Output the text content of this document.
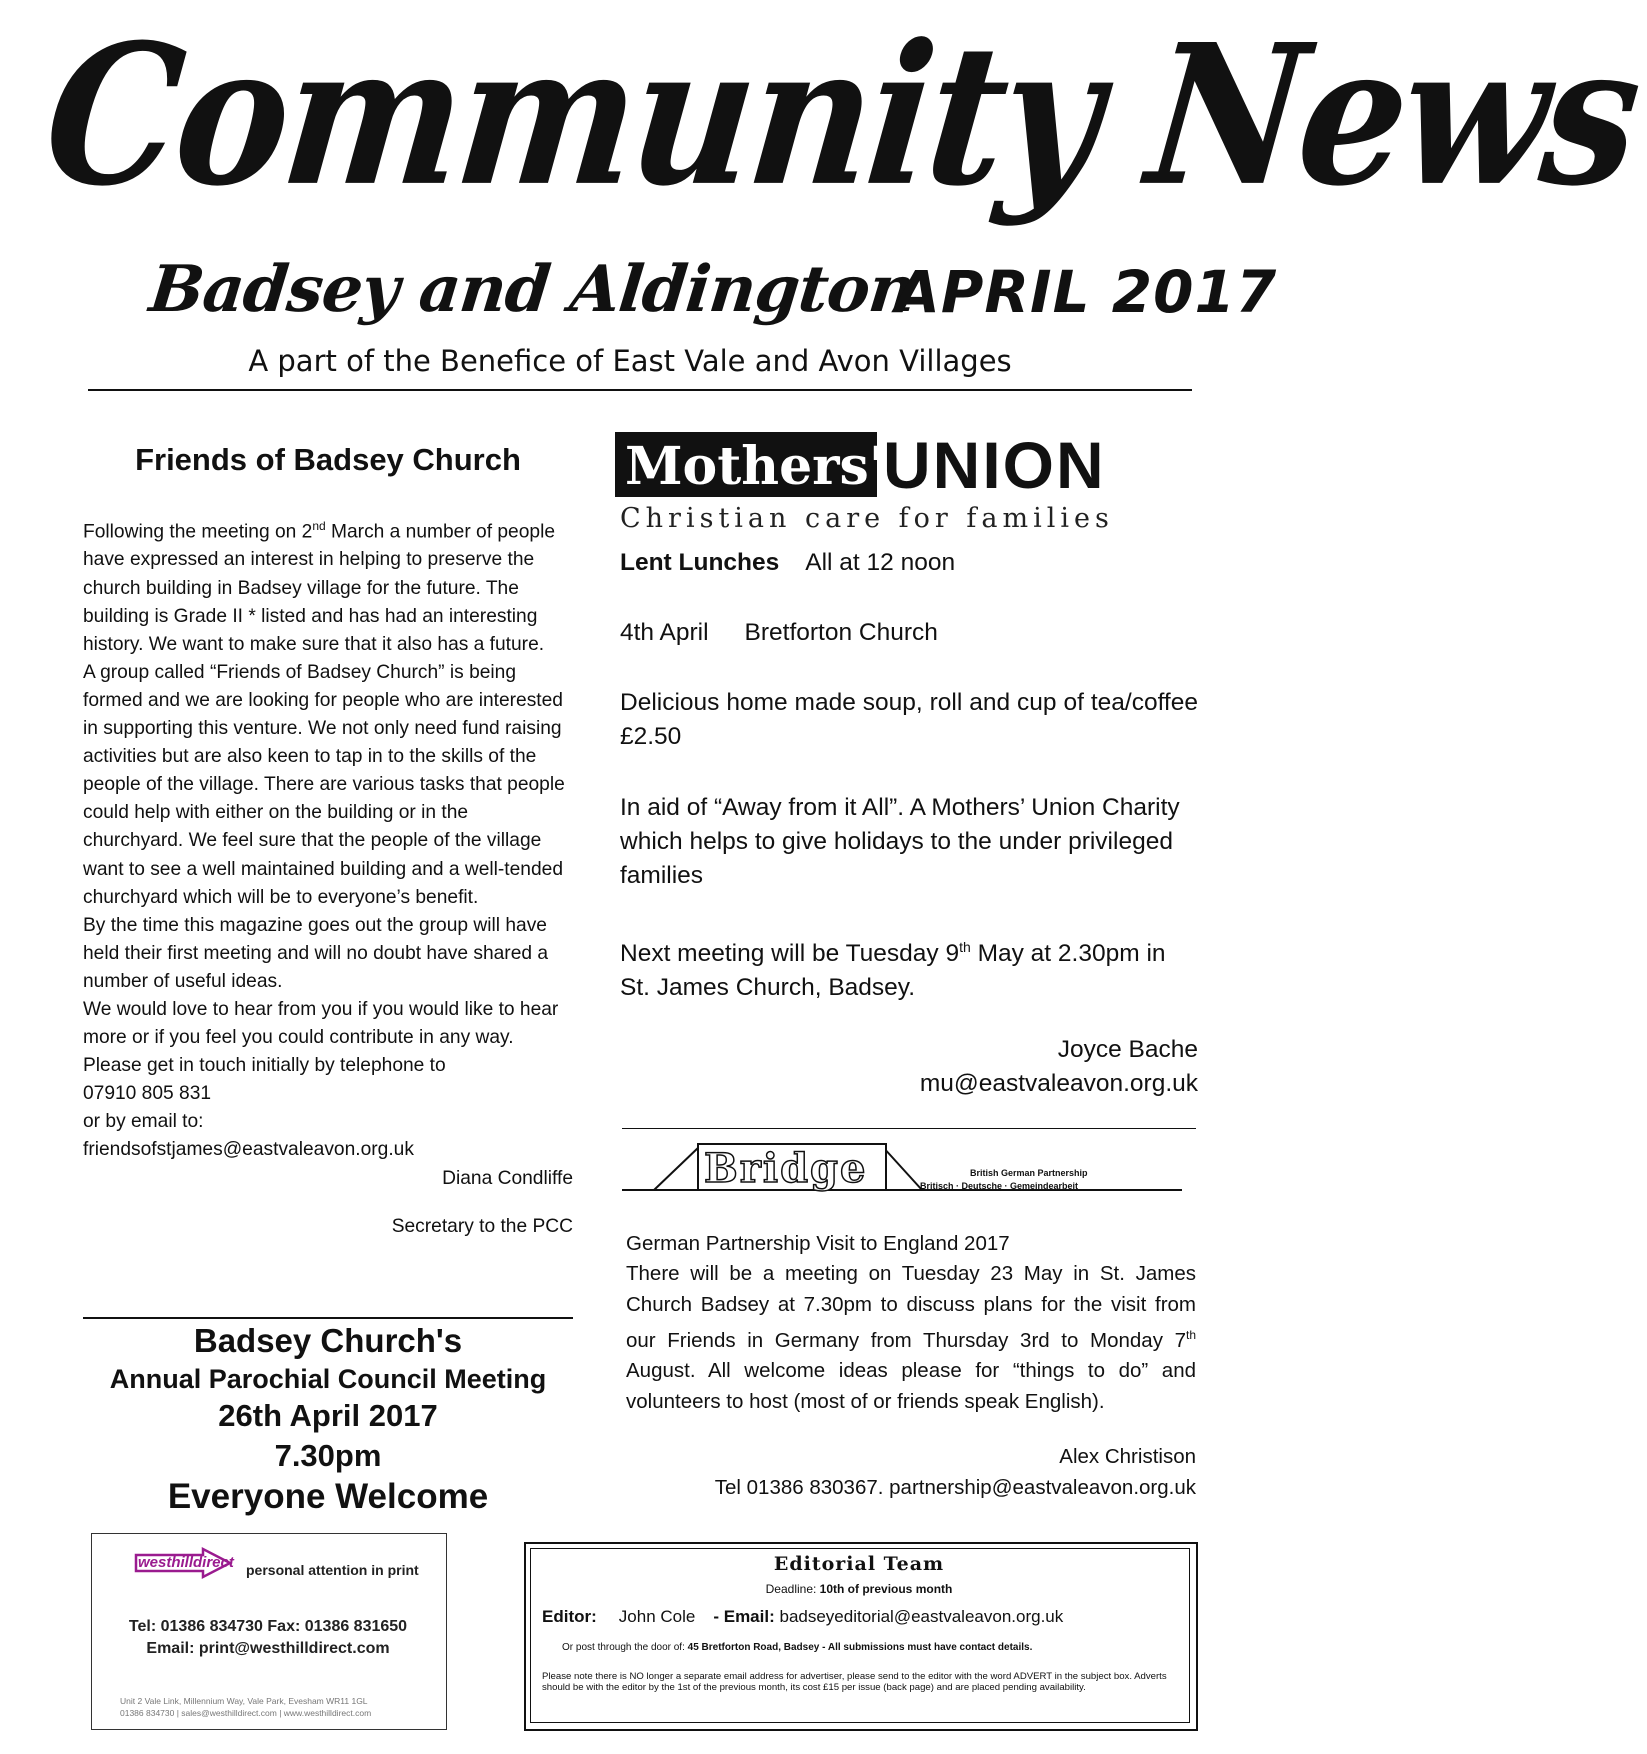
Community News
Badsey and Aldington
APRIL 2017
A part of the Benefice of East Vale and Avon Villages
Friends of Badsey Church

Following the meeting on 2nd March a number of people have expressed an interest in helping to preserve the church building in Badsey village for the future. The building is Grade II * listed and has had an interesting history. We want to make sure that it also has a future.

A group called “Friends of Badsey Church” is being formed and we are looking for people who are interested in supporting this venture. We not only need fund raising activities but are also keen to tap in to the skills of the people of the village. There are various tasks that people could help with either on the building or in the churchyard. We feel sure that the people of the village want to see a well maintained building and a well-tended churchyard which will be to everyone’s benefit.

By the time this magazine goes out the group will have held their first meeting and will no doubt have shared a number of useful ideas.

We would love to hear from you if you would like to hear more or if you feel you could contribute in any way. Please get in touch initially by telephone to

07910 805 831

or by email to:

friendsofstjames@eastvaleavon.org.uk

Diana Condliffe

Secretary to the PCC

Badsey Church's
Annual Parochial Council Meeting
26th April 2017
7.30pm
Everyone Welcome
westhilldirect personal attention in print
Tel: 01386 834730 Fax: 01386 831650
Email: print@westhilldirect.com
Unit 2 Vale Link, Millennium Way, Vale Park, Evesham WR11 1GL
01386 834730 | sales@westhilldirect.com | www.westhilldirect.com
Mothers'
UNION
Christian care for families
Lent Lunches All at 12 noon
4th April Bretforton Church
Delicious home made soup, roll and cup of tea/coffee £2.50
In aid of “Away from it All”. A Mothers’ Union Charity which helps to give holidays to the under privileged families
Next meeting will be Tuesday 9th May at 2.30pm in St. James Church, Badsey.
Joyce Bache
mu@eastvaleavon.org.uk
Bridge	British German Partnership
Britisch · Deutsche · Gemeindearbeit
German Partnership Visit to England 2017
There will be a meeting on Tuesday 23 May in St. James Church Badsey at 7.30pm to discuss plans for the visit from our Friends in Germany from Thursday 3rd to Monday 7th August. All welcome ideas please for “things to do” and volunteers to host (most of or friends speak English).
Alex Christison
Tel 01386 830367. partnership@eastvaleavon.org.uk
Editorial Team
Deadline: 10th of previous month
Editor: John Cole - Email: badseyeditorial@eastvaleavon.org.uk
Or post through the door of: 45 Bretforton Road, Badsey - All submissions must have contact details.
Please note there is NO longer a separate email address for advertiser, please send to the editor with the word ADVERT in the subject box. Adverts should be with the editor by the 1st of the previous month, its cost £15 per issue (back page) and are placed pending availability.
